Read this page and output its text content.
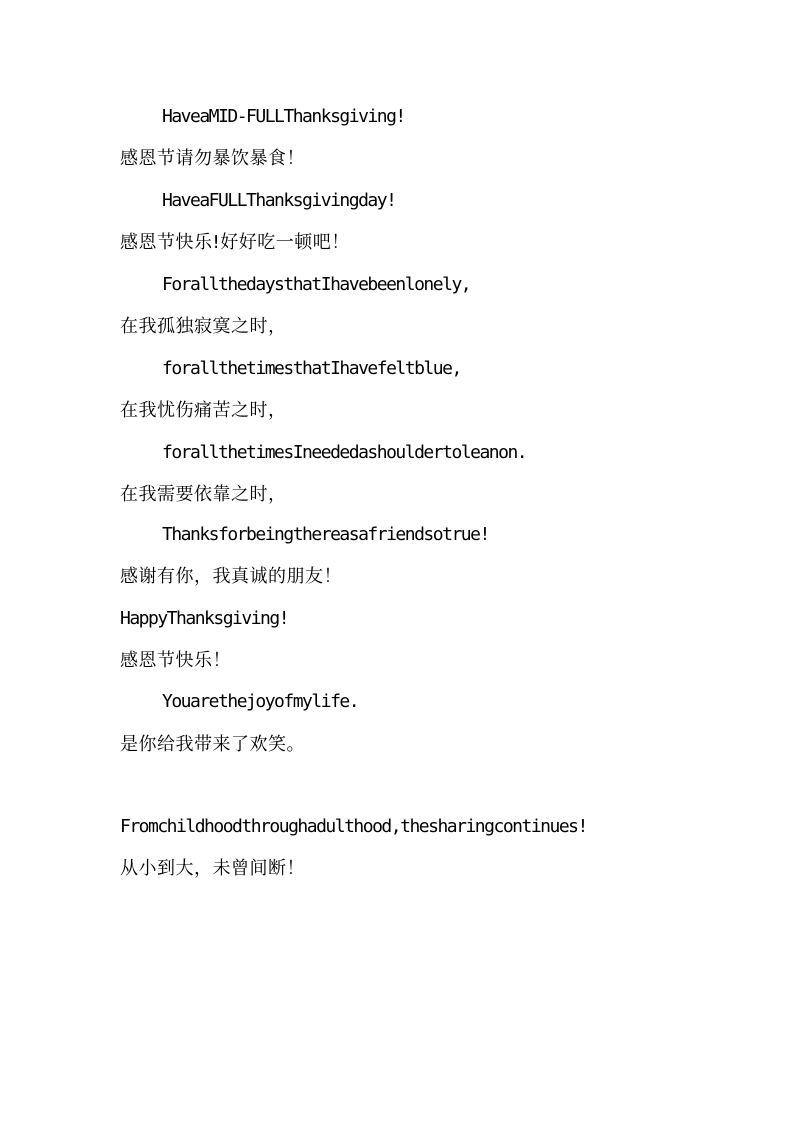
HaveaMID-FULLThanksgiving!
感恩节请勿暴饮暴食！
HaveaFULLThanksgivingday!
感恩节快乐!好好吃一顿吧！
ForallthedaysthatIhavebeenlonely,
在我孤独寂寞之时，
forallthetimesthatIhavefeltblue,
在我忧伤痛苦之时，
forallthetimesIneededashouldertoleanon.
在我需要依靠之时，
Thanksforbeingthereasafriendsotrue!
感谢有你，我真诚的朋友！
HappyThanksgiving!
感恩节快乐！
Youarethejoyofmylife.
是你给我带来了欢笑。
Fromchildhoodthroughadulthood,thesharingcontinues!
从小到大，未曾间断！
